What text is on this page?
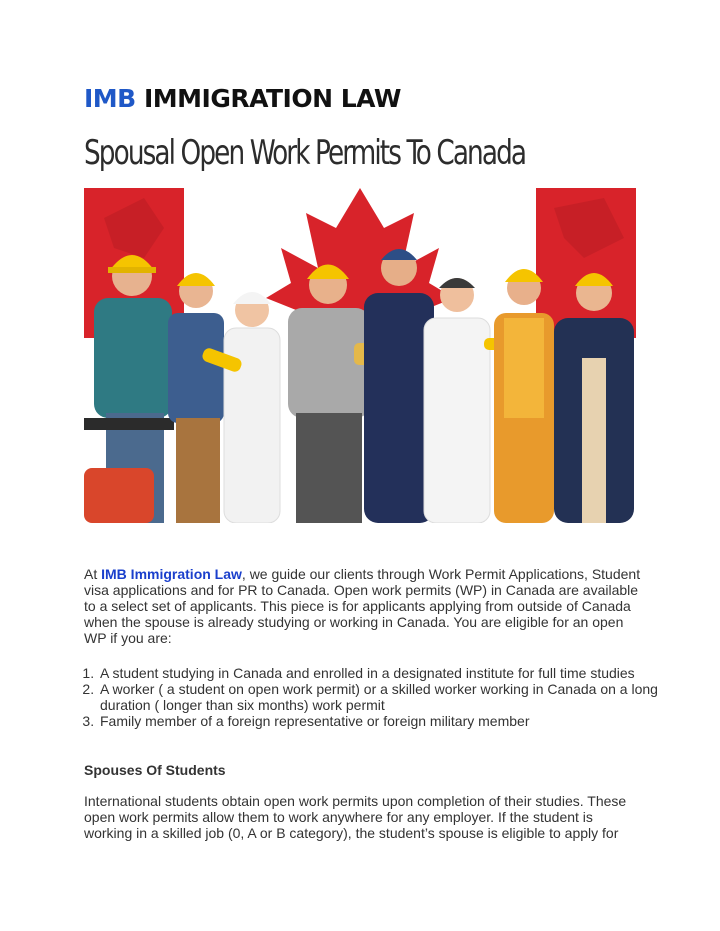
IMB IMMIGRATION LAW
Spousal Open Work Permits To Canada
At IMB Immigration Law, we guide our clients through Work Permit Applications, Student visa applications and for PR to Canada. Open work permits (WP) in Canada are available to a select set of applicants. This piece is for applicants applying from outside of Canada when the spouse is already studying or working in Canada. You are eligible for an open WP if you are:
1. A student studying in Canada and enrolled in a designated institute for full time studies
2. A worker ( a student on open work permit) or a skilled worker working in Canada on a long duration ( longer than six months) work permit
3. Family member of a foreign representative or foreign military member
Spouses Of Students
International students obtain open work permits upon completion of their studies. These open work permits allow them to work anywhere for any employer. If the student is working in a skilled job (0, A or B category), the student’s spouse is eligible to apply for
